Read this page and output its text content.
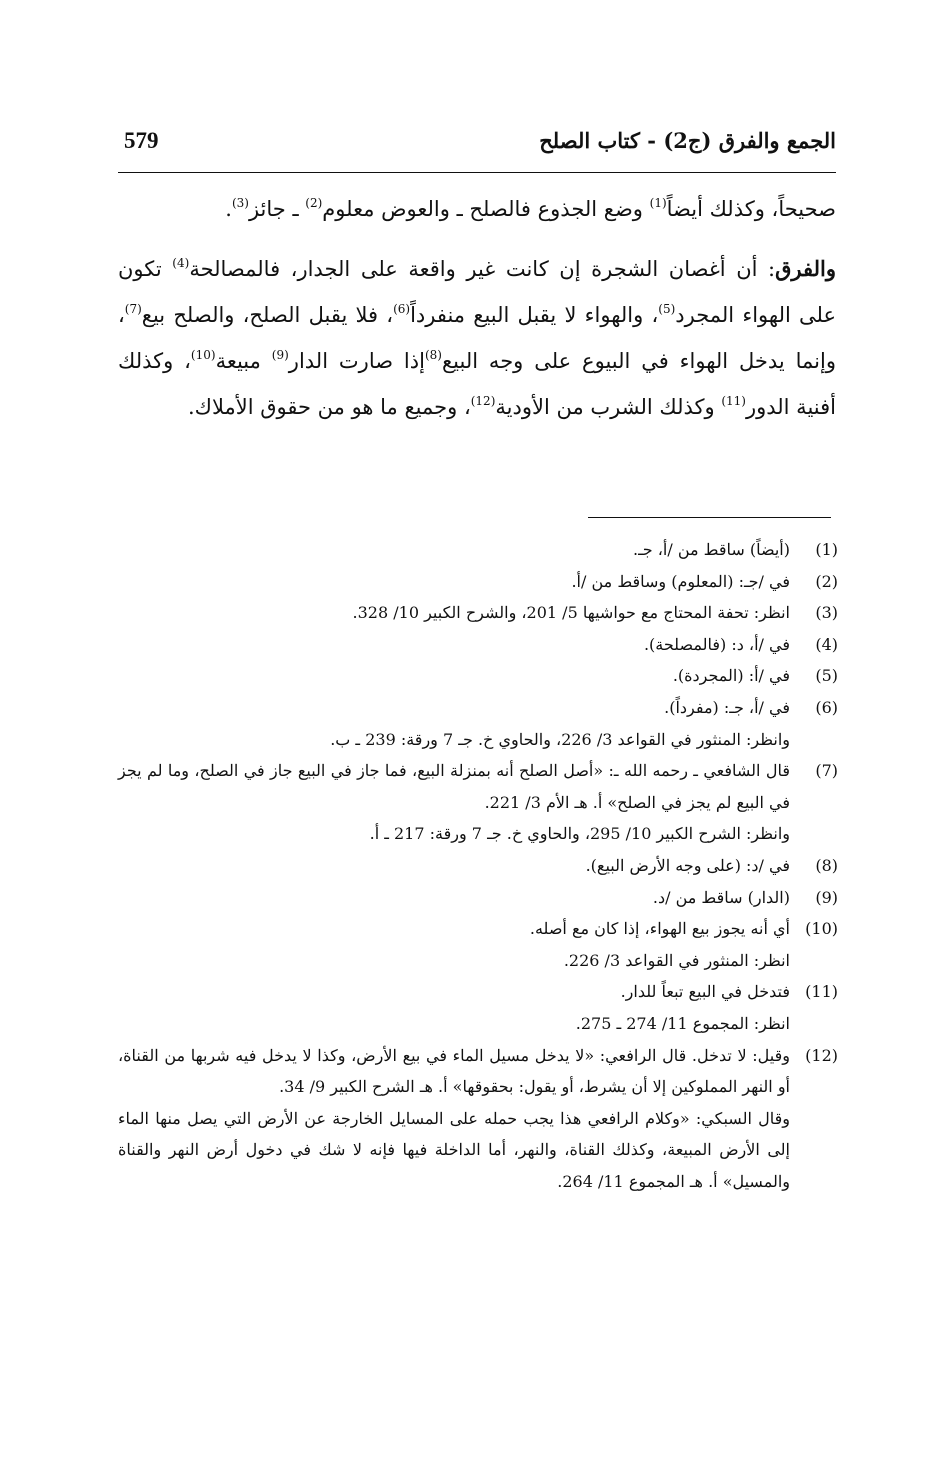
579	الجمع والفرق (ج2) - كتاب الصلح

صحيحاً، وكذلك أيضاً$^{(1)}$ وضع الجذوع فالصلح ـ والعوض معلوم$^{(2)}$ ـ جائز$^{(3)}$.

والفرق: أن أغصان الشجرة إن كانت غير واقعة على الجدار، فالمصالحة$^{(4)}$ تكون على الهواء المجرد$^{(5)}$، والهواء لا يقبل البيع منفرداً$^{(6)}$، فلا يقبل الصلح، والصلح بيع$^{(7)}$، وإنما يدخل الهواء في البيوع على وجه البيع$^{(8)}$إذا صارت الدار$^{(9)}$ مبيعة$^{(10)}$، وكذلك أفنية الدور$^{(11)}$ وكذلك الشرب من الأودية$^{(12)}$، وجميع ما هو من حقوق الأملاك.

(1)
(أيضاً) ساقط من /أ، جـ.
(2)
في /جـ: (المعلوم) وساقط من /أ.
(3)
انظر: تحفة المحتاج مع حواشيها 5/ 201، والشرح الكبير 10/ 328.
(4)
في /أ، د: (فالمصلحة).
(5)
في /أ: (المجردة).
(6)
في /أ، جـ: (مفرداً).
وانظر: المنثور في القواعد 3/ 226، والحاوي خ. جـ 7 ورقة: 239 ـ ب.
(7)
قال الشافعي ـ رحمه الله ـ: «أصل الصلح أنه بمنزلة البيع، فما جاز في البيع جاز في الصلح، وما لم يجز في البيع لم يجز في الصلح» أ. هـ الأم 3/ 221.
وانظر: الشرح الكبير 10/ 295، والحاوي خ. جـ 7 ورقة: 217 ـ أ.
(8)
في /د: (على وجه الأرض البيع).
(9)
(الدار) ساقط من /د.
(10)
أي أنه يجوز بيع الهواء، إذا كان مع أصله.
انظر: المنثور في القواعد 3/ 226.
(11)
فتدخل في البيع تبعاً للدار.
انظر: المجموع 11/ 274 ـ 275.
(12)
وقيل: لا تدخل. قال الرافعي: «لا يدخل مسيل الماء في بيع الأرض، وكذا لا يدخل فيه شربها من القناة، أو النهر المملوكين إلا أن يشرط، أو يقول: بحقوقها» أ. هـ الشرح الكبير 9/ 34.
وقال السبكي: «وكلام الرافعي هذا يجب حمله على المسايل الخارجة عن الأرض التي يصل منها الماء إلى الأرض المبيعة، وكذلك القناة، والنهر، أما الداخلة فيها فإنه لا شك في دخول أرض النهر والقناة والمسيل» أ. هـ المجموع 11/ 264.
